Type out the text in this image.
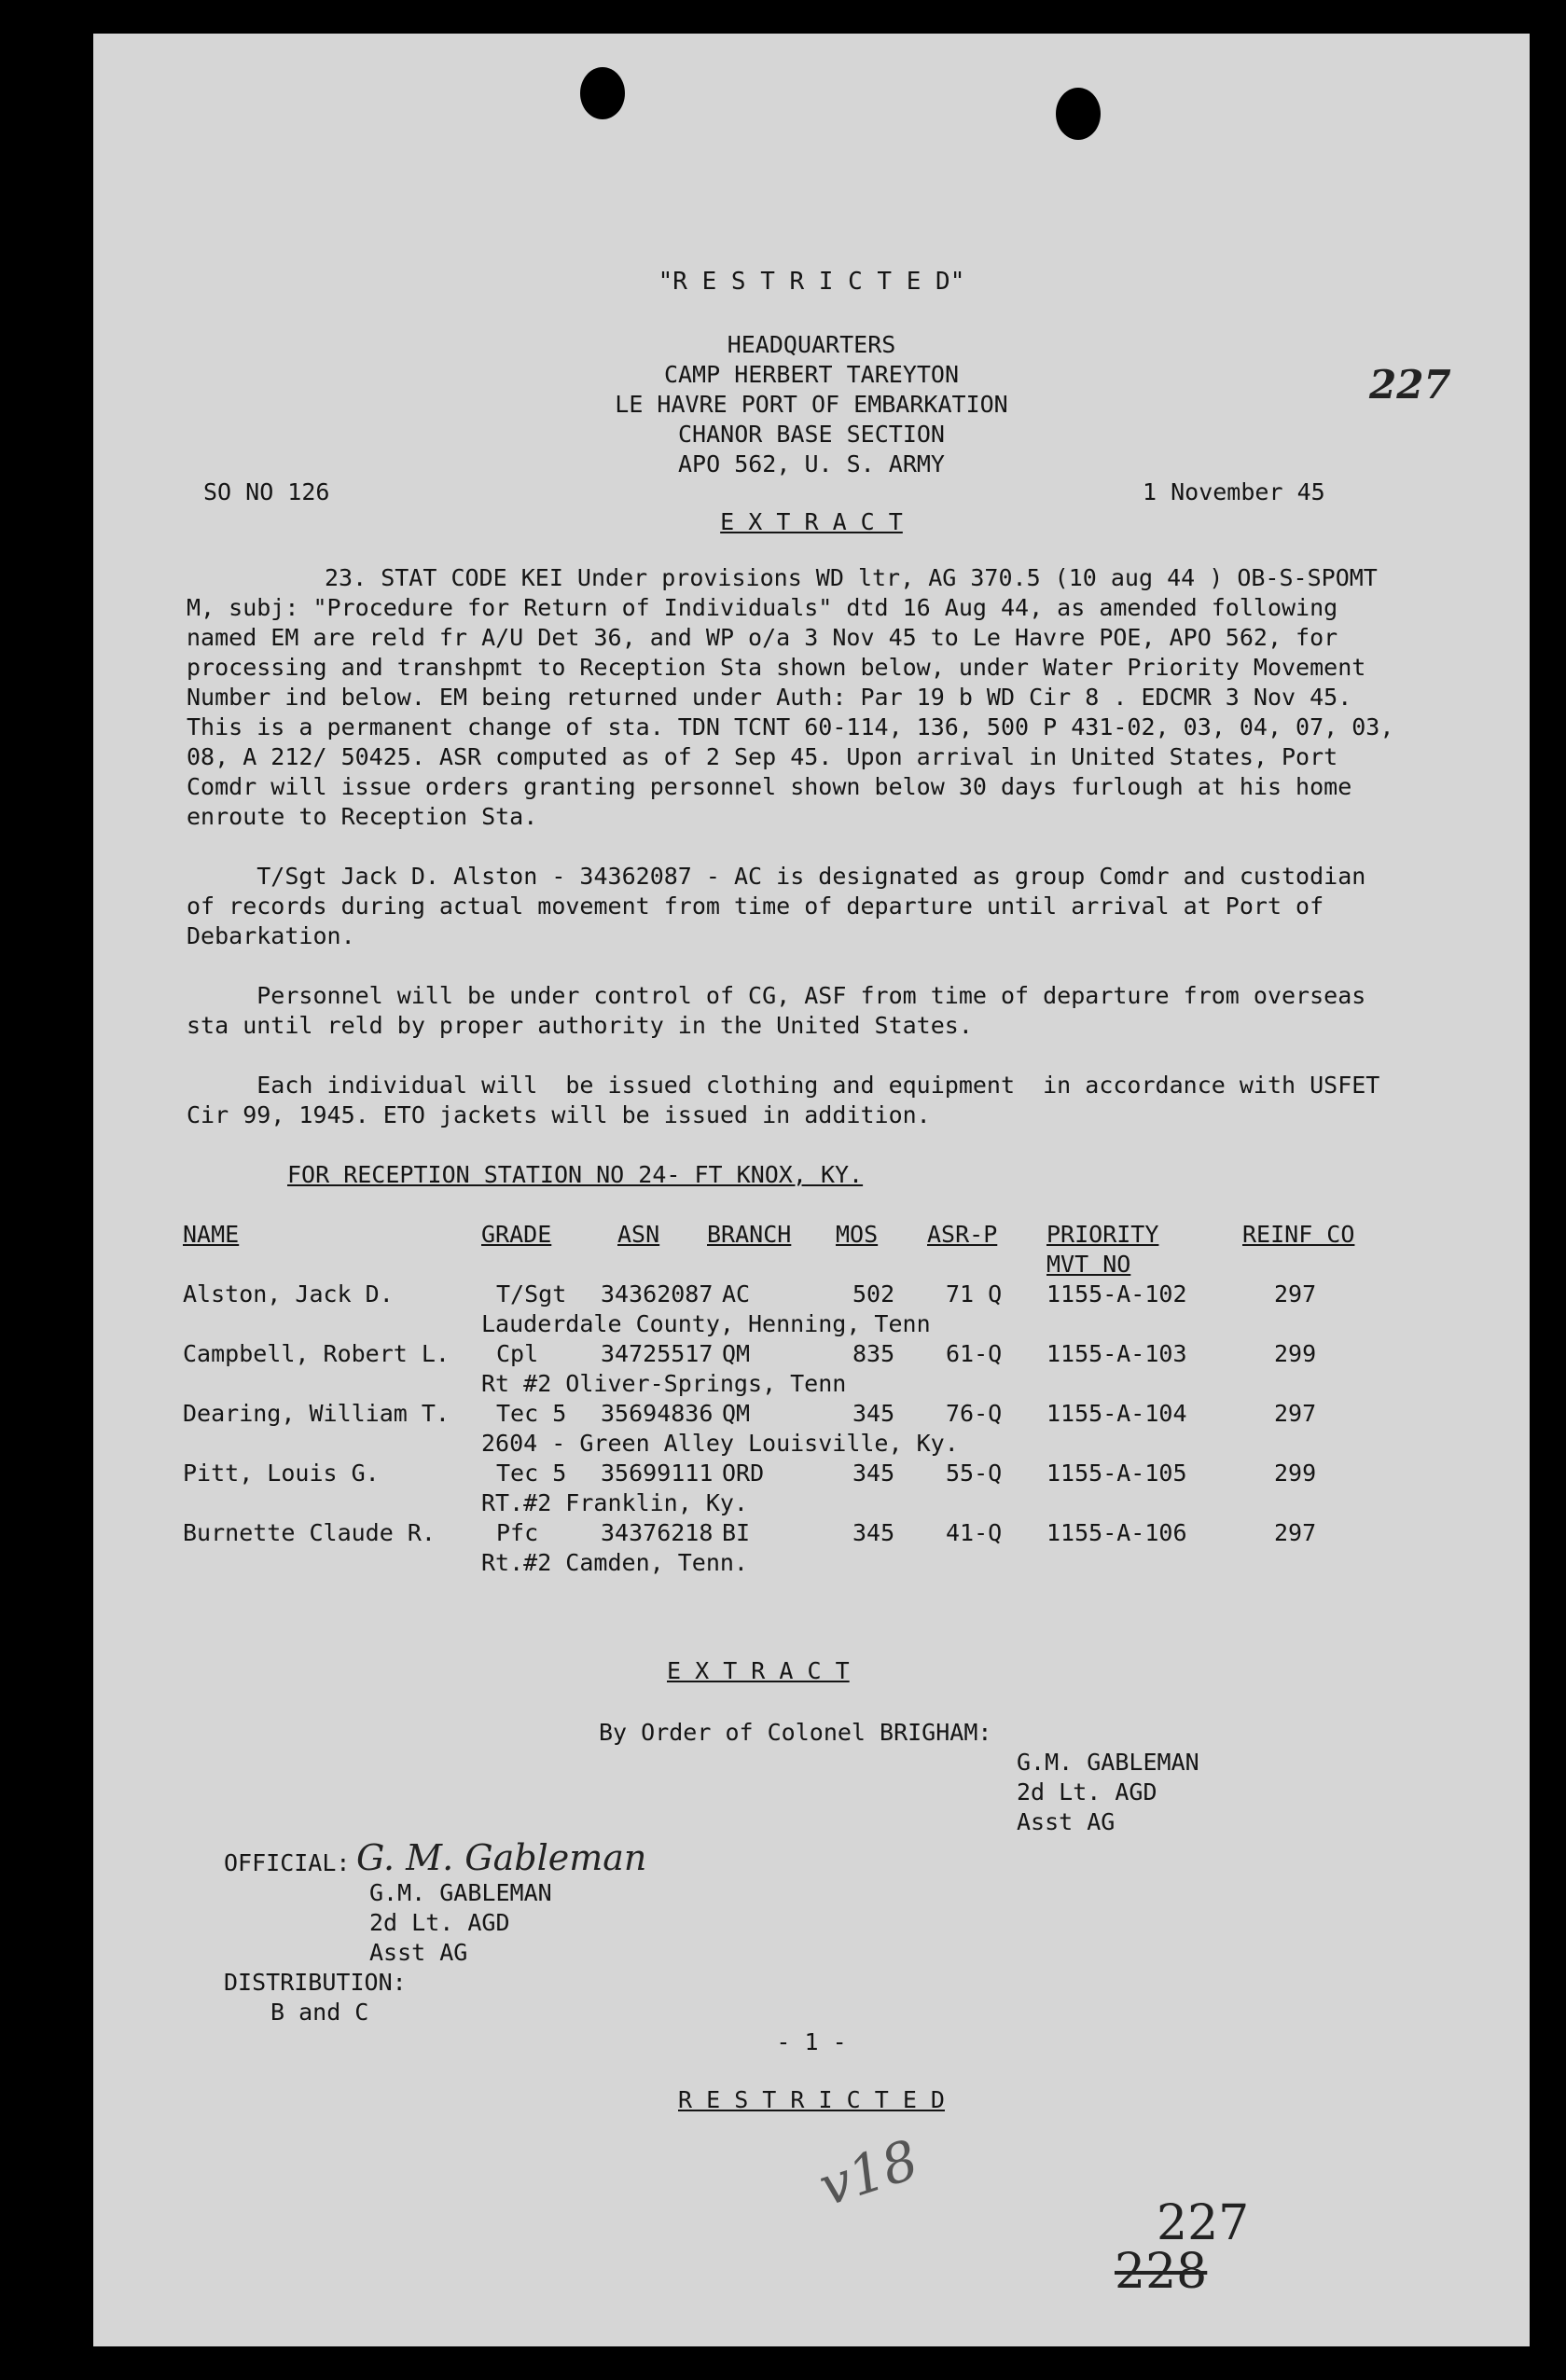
"R E S T R I C T E D"
HEADQUARTERS
CAMP HERBERT TAREYTON
LE HAVRE PORT OF EMBARKATION
CHANOR BASE SECTION
APO 562, U. S. ARMY
227
SO NO 126	1 November 45
E X T R A C T
23. STAT CODE KEI Under provisions WD ltr, AG 370.5 (10 aug 44 ) OB-S-SPOMT
M, subj: "Procedure for Return of Individuals" dtd 16 Aug 44, as amended following
named EM are reld fr A/U Det 36, and WP o/a 3 Nov 45 to Le Havre POE, APO 562, for
processing and transhpmt to Reception Sta shown below, under Water Priority Movement
Number ind below. EM being returned under Auth: Par 19 b WD Cir 8 . EDCMR 3 Nov 45.
This is a permanent change of sta. TDN TCNT 60-114, 136, 500 P 431-02, 03, 04, 07, 03,
08, A 212/ 50425. ASR computed as of 2 Sep 45. Upon arrival in United States, Port
Comdr will issue orders granting personnel shown below 30 days furlough at his home
enroute to Reception Sta.
T/Sgt Jack D. Alston - 34362087 - AC is designated as group Comdr and custodian
of records during actual movement from time of departure until arrival at Port of
Debarkation.
Personnel will be under control of CG, ASF from time of departure from overseas
sta until reld by proper authority in the United States.
Each individual will  be issued clothing and equipment  in accordance with USFET
Cir 99, 1945. ETO jackets will be issued in addition.
FOR RECEPTION STATION NO 24- FT KNOX, KY.
NAME	GRADE	ASN BRANCH MOS ASR-P PRIORITY	REINF CO
MVT NO
Alston, Jack D.	T/Sgt 34362087 AC	502 71 Q 1155-A-102	297
Lauderdale County, Henning, Tenn
Campbell, Robert L. Cpl	34725517 QM	835 61-Q 1155-A-103	299
Rt #2 Oliver-Springs, Tenn
Dearing, William T. Tec 5 35694836 QM	345 76-Q 1155-A-104	297
2604 - Green Alley Louisville, Ky.
Pitt, Louis G.	Tec 5 35699111 ORD	345 55-Q 1155-A-105	299
RT.#2 Franklin, Ky.
Burnette Claude R.	Pfc	34376218 BI	345 41-Q 1155-A-106	297
Rt.#2 Camden, Tenn.
E X T R A C T
By Order of Colonel BRIGHAM:
G.M. GABLEMAN
2d Lt. AGD
Asst AG
OFFICIAL: G. M. Gableman
G.M. GABLEMAN
2d Lt. AGD
Asst AG
DISTRIBUTION:
B and C
- 1 -
R E S T R I C T E D
v18
227
228
